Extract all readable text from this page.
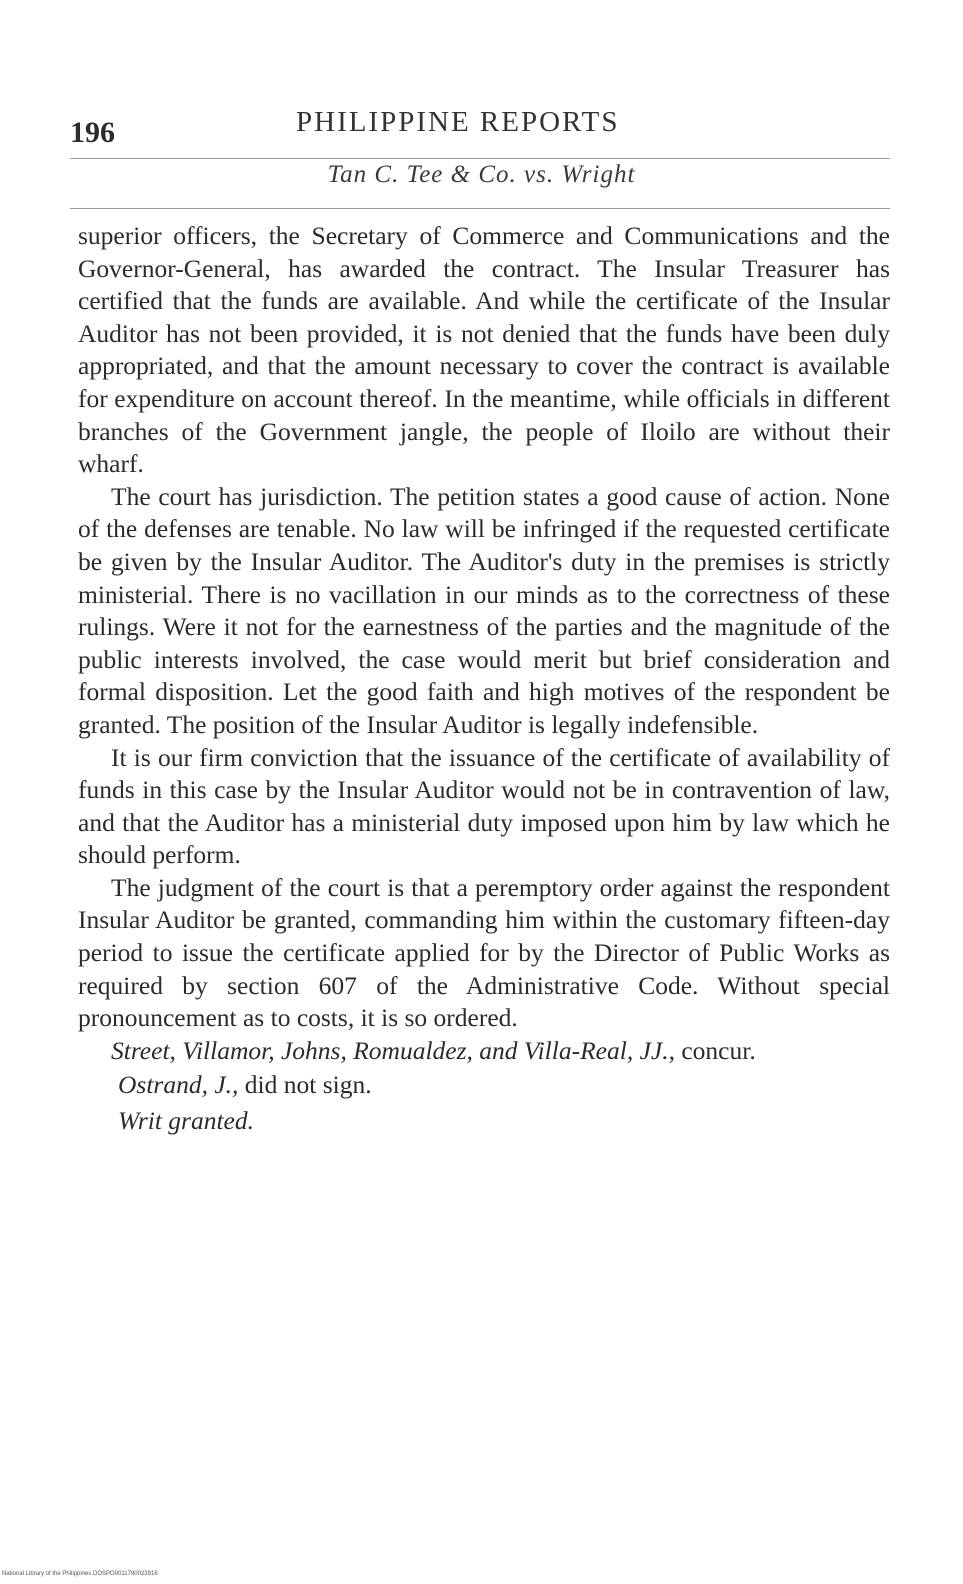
196	PHILIPPINE REPORTS
Tan C. Tee & Co. vs. Wright

superior officers, the Secretary of Commerce and Communications and the Governor-General, has awarded the contract. The Insular Treasurer has certified that the funds are available. And while the certificate of the Insular Auditor has not been provided, it is not denied that the funds have been duly appropriated, and that the amount necessary to cover the contract is available for expenditure on account thereof. In the meantime, while officials in different branches of the Government jangle, the people of Iloilo are without their wharf.

The court has jurisdiction. The petition states a good cause of action. None of the defenses are tenable. No law will be infringed if the requested certificate be given by the Insular Auditor. The Auditor's duty in the premises is strictly ministerial. There is no vacillation in our minds as to the correctness of these rulings. Were it not for the earnestness of the parties and the magnitude of the public interests involved, the case would merit but brief consideration and formal disposition. Let the good faith and high motives of the respondent be granted. The position of the Insular Auditor is legally indefensible.

It is our firm conviction that the issuance of the certificate of availability of funds in this case by the Insular Auditor would not be in contravention of law, and that the Auditor has a ministerial duty imposed upon him by law which he should perform.

The judgment of the court is that a peremptory order against the respondent Insular Auditor be granted, commanding him within the customary fifteen-day period to issue the certificate applied for by the Director of Public Works as required by section 607 of the Administrative Code. Without special pronouncement as to costs, it is so ordered.

Street, Villamor, Johns, Romualdez, and Villa-Real, JJ., concur.

Ostrand, J., did not sign.

Writ granted.

National Library of the Philippines DOSPO0011790023916
